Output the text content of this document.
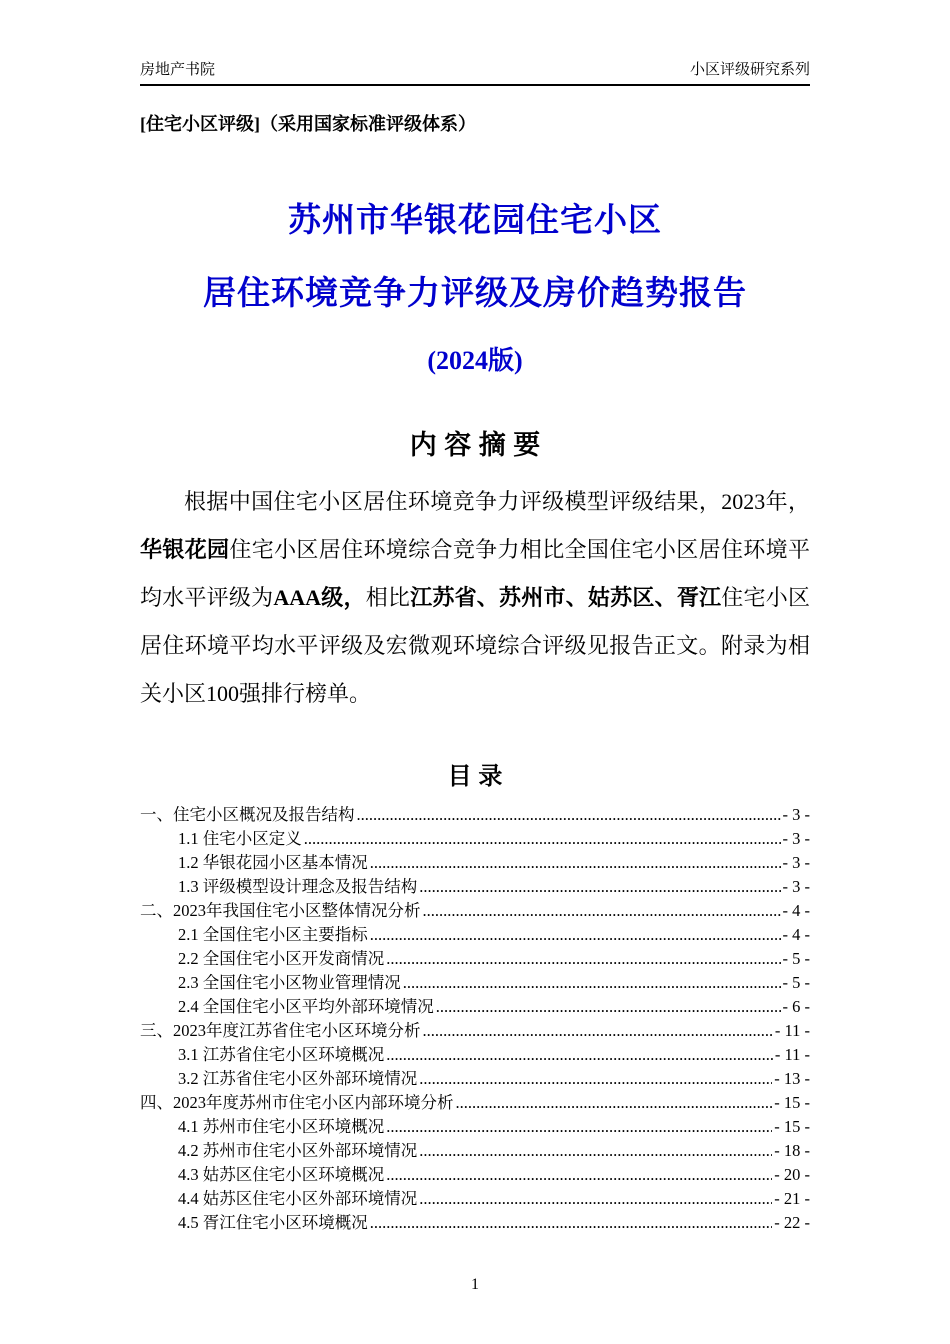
房地产书院	小区评级研究系列
[住宅小区评级]（采用国家标准评级体系）
苏州市华银花园住宅小区
居住环境竞争力评级及房价趋势报告
(2024版)
内 容 摘 要

根据中国住宅小区居住环境竞争力评级模型评级结果，2023年，华银花园住宅小区居住环境综合竞争力相比全国住宅小区居住环境平均水平评级为AAA级，相比江苏省、苏州市、姑苏区、胥江住宅小区居住环境平均水平评级及宏微观环境综合评级见报告正文。附录为相关小区100强排行榜单。

目 录
一、住宅小区概况及报告结构 .....	- 3 -
1.1 住宅小区定义 .....	- 3 -
1.2 华银花园小区基本情况 .....	- 3 -
1.3 评级模型设计理念及报告结构 .....	- 3 -
二、2023年我国住宅小区整体情况分析 .....	- 4 -
2.1 全国住宅小区主要指标 .....	- 4 -
2.2 全国住宅小区开发商情况 .....	- 5 -
2.3 全国住宅小区物业管理情况 .....	- 5 -
2.4 全国住宅小区平均外部环境情况 .....	- 6 -
三、2023年度江苏省住宅小区环境分析 .....	- 11 -
3.1 江苏省住宅小区环境概况 .....	- 11 -
3.2 江苏省住宅小区外部环境情况 .....	- 13 -
四、2023年度苏州市住宅小区内部环境分析 .....	- 15 -
4.1 苏州市住宅小区环境概况 .....	- 15 -
4.2 苏州市住宅小区外部环境情况 .....	- 18 -
4.3 姑苏区住宅小区环境概况 .....	- 20 -
4.4 姑苏区住宅小区外部环境情况 .....	- 21 -
4.5 胥江住宅小区环境概况 .....	- 22 -
1
